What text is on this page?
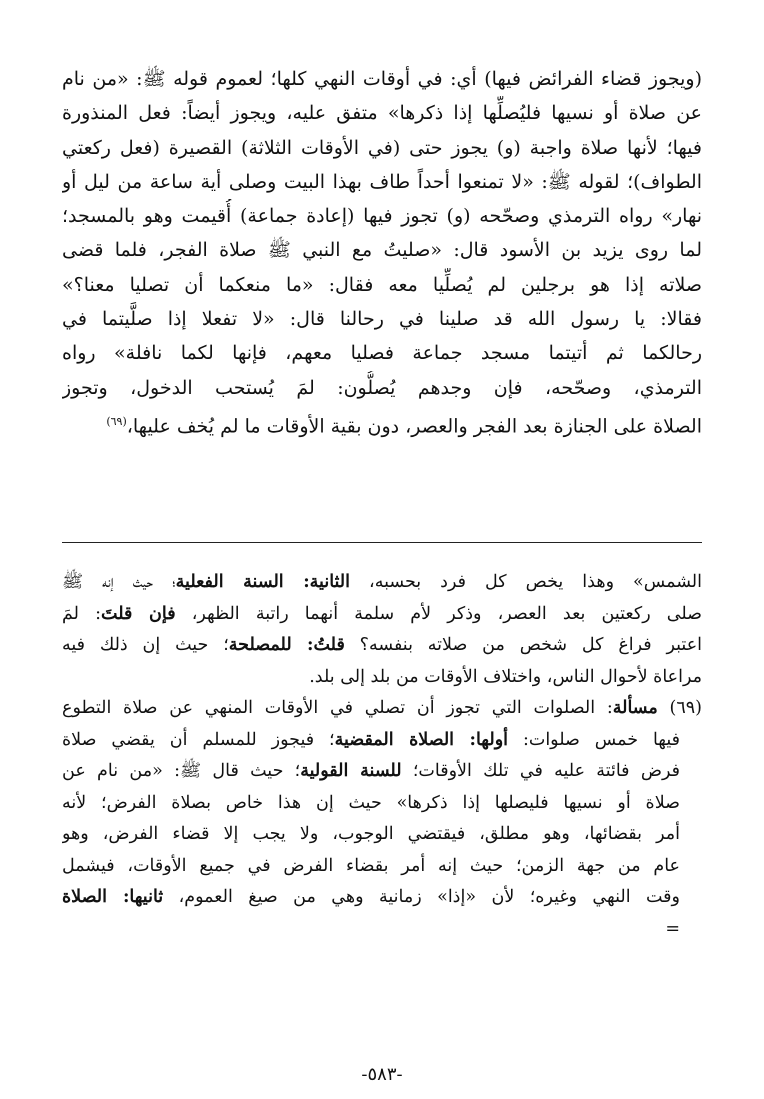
(ويجوز قضاء الفرائض فيها) أي: في أوقات النهي كلها؛ لعموم قوله ﷺ: «من نام
عن صلاة أو نسيها فليُصلِّها إذا ذكرها» متفق عليه، ويجوز أيضاً: فعل المنذورة
فيها؛ لأنها صلاة واجبة (و) يجوز حتى (في الأوقات الثلاثة) القصيرة (فعل ركعتي
الطواف)؛ لقوله ﷺ: «لا تمنعوا أحداً طاف بهذا البيت وصلى أية ساعة من ليل أو
نهار» رواه الترمذي وصحّحه (و) تجوز فيها (إعادة جماعة) أُقيمت وهو بالمسجد؛
لما روى يزيد بن الأسود قال: «صليتُ مع النبي ﷺ صلاة الفجر، فلما قضى
صلاته إذا هو برجلين لم يُصلِّيا معه فقال: «ما منعكما أن تصليا معنا؟»
فقالا: يا رسول الله قد صلينا في رحالنا قال: «لا تفعلا إذا صلَّيتما في
رحالكما ثم أتيتما مسجد جماعة فصليا معهم، فإنها لكما نافلة» رواه
الترمذي، وصحّحه، فإن وجدهم يُصلُّون: لمَ يُستحب الدخول، وتجوز
الصلاة على الجنازة بعد الفجر والعصر، دون بقية الأوقات ما لم يُخف عليها،$^{(٦٩)}$
الشمس» وهذا يخص كل فرد بحسبه، الثانية: السنة الفعلية؛ حيث إنه ﷺ
صلى ركعتين بعد العصر، وذكر لأم سلمة أنهما راتبة الظهر، فإن قلتَ: لمَ
اعتبر فراغ كل شخص من صلاته بنفسه؟ قلتُ: للمصلحة؛ حيث إن ذلك فيه
مراعاة لأحوال الناس، واختلاف الأوقات من بلد إلى بلد.
(٦٩) مسألة: الصلوات التي تجوز أن تصلي في الأوقات المنهي عن صلاة التطوع
فيها خمس صلوات: أولها: الصلاة المقضية؛ فيجوز للمسلم أن يقضي صلاة
فرض فائتة عليه في تلك الأوقات؛ للسنة القولية؛ حيث قال ﷺ: «من نام عن
صلاة أو نسيها فليصلها إذا ذكرها» حيث إن هذا خاص بصلاة الفرض؛ لأنه
أمر بقضائها، وهو مطلق، فيقتضي الوجوب، ولا يجب إلا قضاء الفرض، وهو
عام من جهة الزمن؛ حيث إنه أمر بقضاء الفرض في جميع الأوقات، فيشمل
وقت النهي وغيره؛ لأن «إذا» زمانية وهي من صيغ العموم، ثانيها: الصلاة
=
-٥٨٣-
